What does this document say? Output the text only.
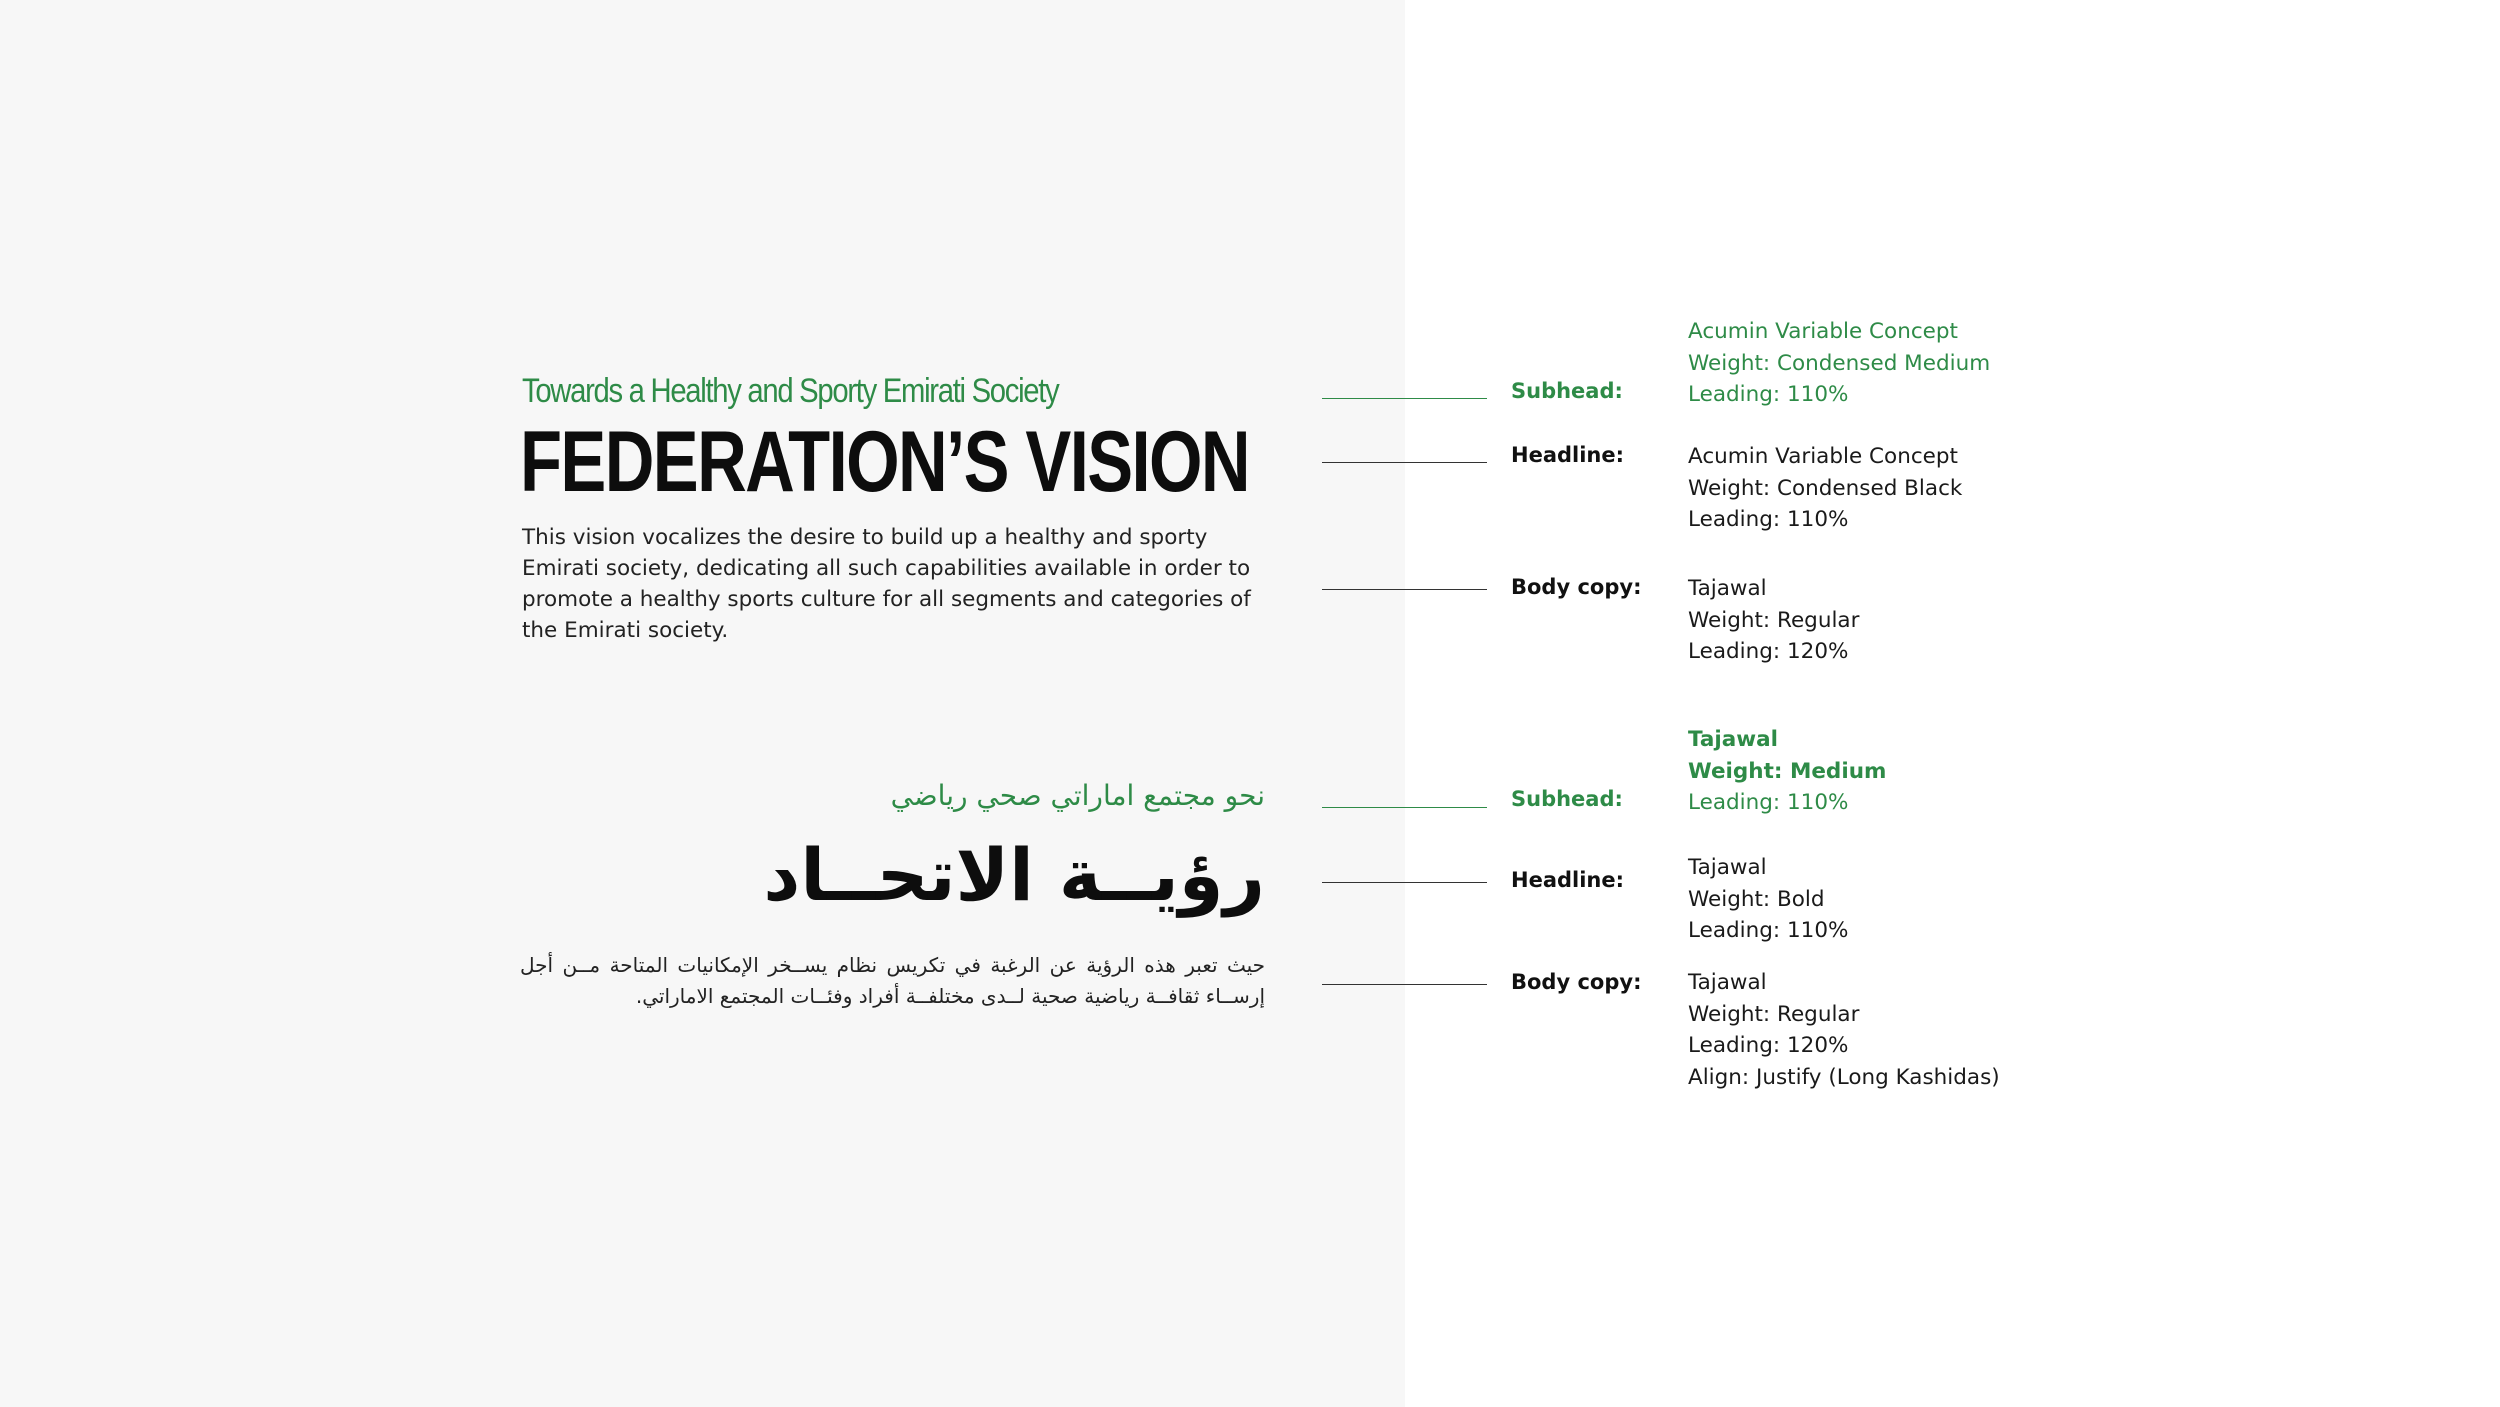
Towards a Healthy and Sporty Emirati Society

FEDERATION’S VISION

This vision vocalizes the desire to build up a healthy and sporty Emirati society, dedicating all such capabilities available in order to promote a healthy sports culture for all segments and categories of the Emirati society.

نحو مجتمع اماراتي صحي رياضي

رؤيــة الاتحــاد

حيث تعبر هذه الرؤية عن الرغبة في تكريس نظام يســخر الإمكانيات المتاحة مــن أجل إرســاء ثقافــة رياضية صحية لــدى مختلفــة أفراد وفئــات المجتمع الاماراتي.

Subhead:
Headline:
Body copy:
Acumin Variable Concept
Weight: Condensed Medium
Leading: 110%
Acumin Variable Concept
Weight: Condensed Black
Leading: 110%
Tajawal
Weight: Regular
Leading: 120%
Subhead:
Headline:
Body copy:
Tajawal
Weight: Medium
Leading: 110%
Tajawal
Weight: Bold
Leading: 110%
Tajawal
Weight: Regular
Leading: 120%
Align: Justify (Long Kashidas)
